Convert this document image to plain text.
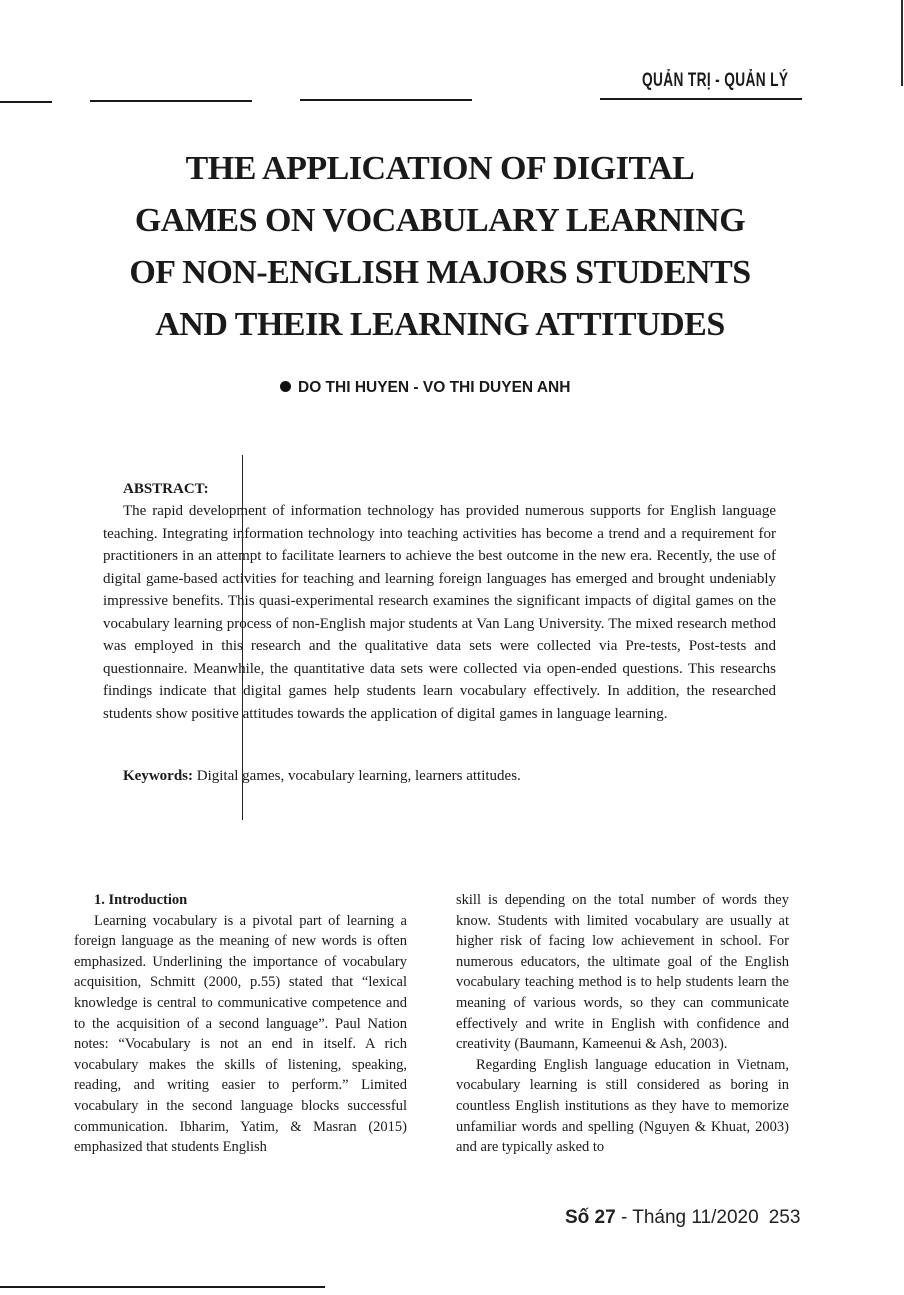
QUẢN TRỊ - QUẢN LÝ
THE APPLICATION OF DIGITAL
GAMES ON VOCABULARY LEARNING
OF NON-ENGLISH MAJORS STUDENTS
AND THEIR LEARNING ATTITUDES
DO THI HUYEN - VO THI DUYEN ANH
ABSTRACT:

The rapid development of information technology has provided numerous supports for English language teaching. Integrating information technology into teaching activities has become a trend and a requirement for practitioners in an attempt to facilitate learners to achieve the best outcome in the new era. Recently, the use of digital game-based activities for teaching and learning foreign languages has emerged and brought undeniably impressive benefits. This quasi-experimental research examines the significant impacts of digital games on the vocabulary learning process of non-English major students at Van Lang University. The mixed research method was employed in this research and the qualitative data sets were collected via Pre-tests, Post-tests and questionnaire. Meanwhile, the quantitative data sets were collected via open-ended questions. This researchs findings indicate that digital games help students learn vocabulary effectively. In addition, the researched students show positive attitudes towards the application of digital games in language learning.

Keywords: Digital games, vocabulary learning, learners attitudes.
1. Introduction

Learning vocabulary is a pivotal part of learning a foreign language as the meaning of new words is often emphasized. Underlining the importance of vocabulary acquisition, Schmitt (2000, p.55) stated that “lexical knowledge is central to communicative competence and to the acquisition of a second language”. Paul Nation notes: “Vocabulary is not an end in itself. A rich vocabulary makes the skills of listening, speaking, reading, and writing easier to perform.” Limited vocabulary in the second language blocks successful communication. Ibharim, Yatim, & Masran (2015) emphasized that students English

skill is depending on the total number of words they know. Students with limited vocabulary are usually at higher risk of facing low achievement in school. For numerous educators, the ultimate goal of the English vocabulary teaching method is to help students learn the meaning of various words, so they can communicate effectively and write in English with confidence and creativity (Baumann, Kameenui & Ash, 2003).

Regarding English language education in Vietnam, vocabulary learning is still considered as boring in countless English institutions as they have to memorize unfamiliar words and spelling (Nguyen & Khuat, 2003) and are typically asked to

Số 27 - Tháng 11/2020 253
